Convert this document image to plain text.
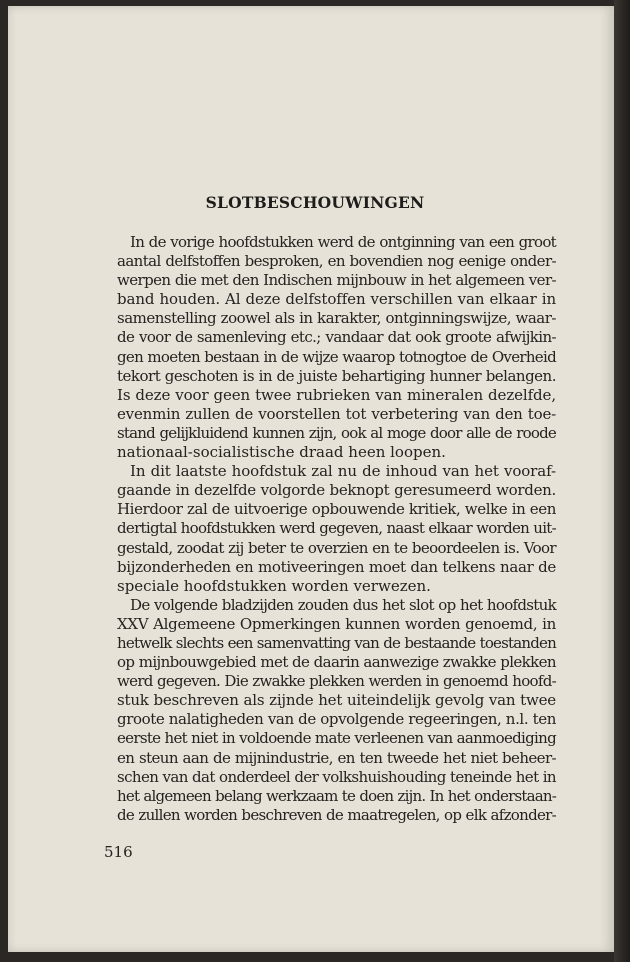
SLOTBESCHOUWINGEN
In de vorige hoofdstukken werd de ontginning van een groot
aantal delfstoffen besproken, en bovendien nog eenige onder-
werpen die met den Indischen mijnbouw in het algemeen ver-
band houden. Al deze delfstoffen verschillen van elkaar in
samenstelling zoowel als in karakter, ontginningswijze, waar-
de voor de samenleving etc.; vandaar dat ook groote afwijkin-
gen moeten bestaan in de wijze waarop totnogtoe de Overheid
tekort geschoten is in de juiste behartiging hunner belangen.
Is deze voor geen twee rubrieken van mineralen dezelfde,
evenmin zullen de voorstellen tot verbetering van den toe-
stand gelijkluidend kunnen zijn, ook al moge door alle de roode
nationaal-socialistische draad heen loopen.
In dit laatste hoofdstuk zal nu de inhoud van het vooraf-
gaande in dezelfde volgorde beknopt geresumeerd worden.
Hierdoor zal de uitvoerige opbouwende kritiek, welke in een
dertigtal hoofdstukken werd gegeven, naast elkaar worden uit-
gestald, zoodat zij beter te overzien en te beoordeelen is. Voor
bijzonderheden en motiveeringen moet dan telkens naar de
speciale hoofdstukken worden verwezen.
De volgende bladzijden zouden dus het slot op het hoofdstuk
XXV Algemeene Opmerkingen kunnen worden genoemd, in
hetwelk slechts een samenvatting van de bestaande toestanden
op mijnbouwgebied met de daarin aanwezige zwakke plekken
werd gegeven. Die zwakke plekken werden in genoemd hoofd-
stuk beschreven als zijnde het uiteindelijk gevolg van twee
groote nalatigheden van de opvolgende regeeringen, n.l. ten
eerste het niet in voldoende mate verleenen van aanmoediging
en steun aan de mijnindustrie, en ten tweede het niet beheer-
schen van dat onderdeel der volkshuishouding teneinde het in
het algemeen belang werkzaam te doen zijn. In het onderstaan-
de zullen worden beschreven de maatregelen, op elk afzonder-

516
